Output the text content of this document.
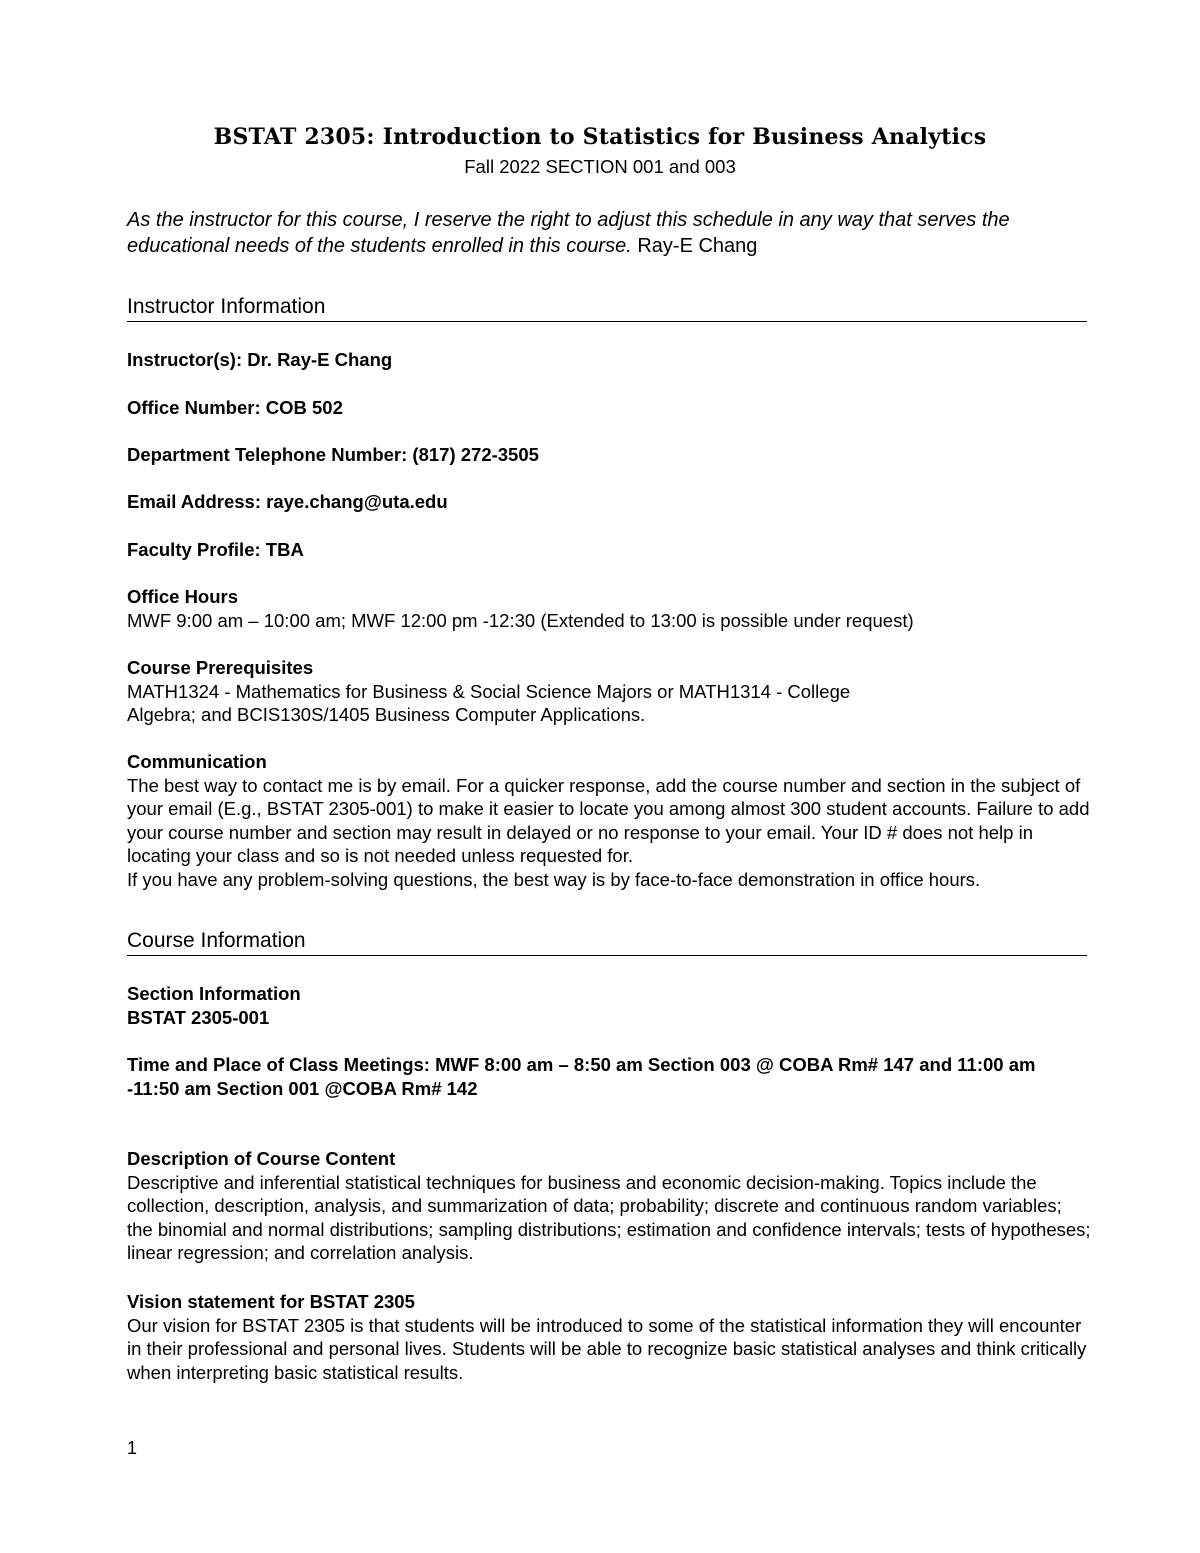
BSTAT 2305: Introduction to Statistics for Business Analytics
Fall 2022 SECTION 001 and 003
As the instructor for this course, I reserve the right to adjust this schedule in any way that serves the educational needs of the students enrolled in this course. Ray-E Chang
Instructor Information
Instructor(s): Dr. Ray-E Chang
Office Number: COB 502
Department Telephone Number: (817) 272-3505
Email Address: raye.chang@uta.edu
Faculty Profile: TBA
Office Hours
MWF 9:00 am – 10:00 am; MWF 12:00 pm -12:30 (Extended to 13:00 is possible under request)
Course Prerequisites
MATH1324 - Mathematics for Business & Social Science Majors or MATH1314 - College
Algebra; and BCIS130S/1405 Business Computer Applications.
Communication
The best way to contact me is by email. For a quicker response, add the course number and section in the subject of your email (E.g., BSTAT 2305-001) to make it easier to locate you among almost 300 student accounts. Failure to add your course number and section may result in delayed or no response to your email. Your ID # does not help in locating your class and so is not needed unless requested for.
If you have any problem-solving questions, the best way is by face-to-face demonstration in office hours.
Course Information
Section Information
BSTAT 2305-001
Time and Place of Class Meetings: MWF 8:00 am – 8:50 am Section 003 @ COBA Rm# 147 and 11:00 am -11:50 am Section 001 @COBA Rm# 142
Description of Course Content
Descriptive and inferential statistical techniques for business and economic decision-making. Topics include the collection, description, analysis, and summarization of data; probability; discrete and continuous random variables; the binomial and normal distributions; sampling distributions; estimation and confidence intervals; tests of hypotheses; linear regression; and correlation analysis.
Vision statement for BSTAT 2305
Our vision for BSTAT 2305 is that students will be introduced to some of the statistical information they will encounter in their professional and personal lives. Students will be able to recognize basic statistical analyses and think critically when interpreting basic statistical results.
1
